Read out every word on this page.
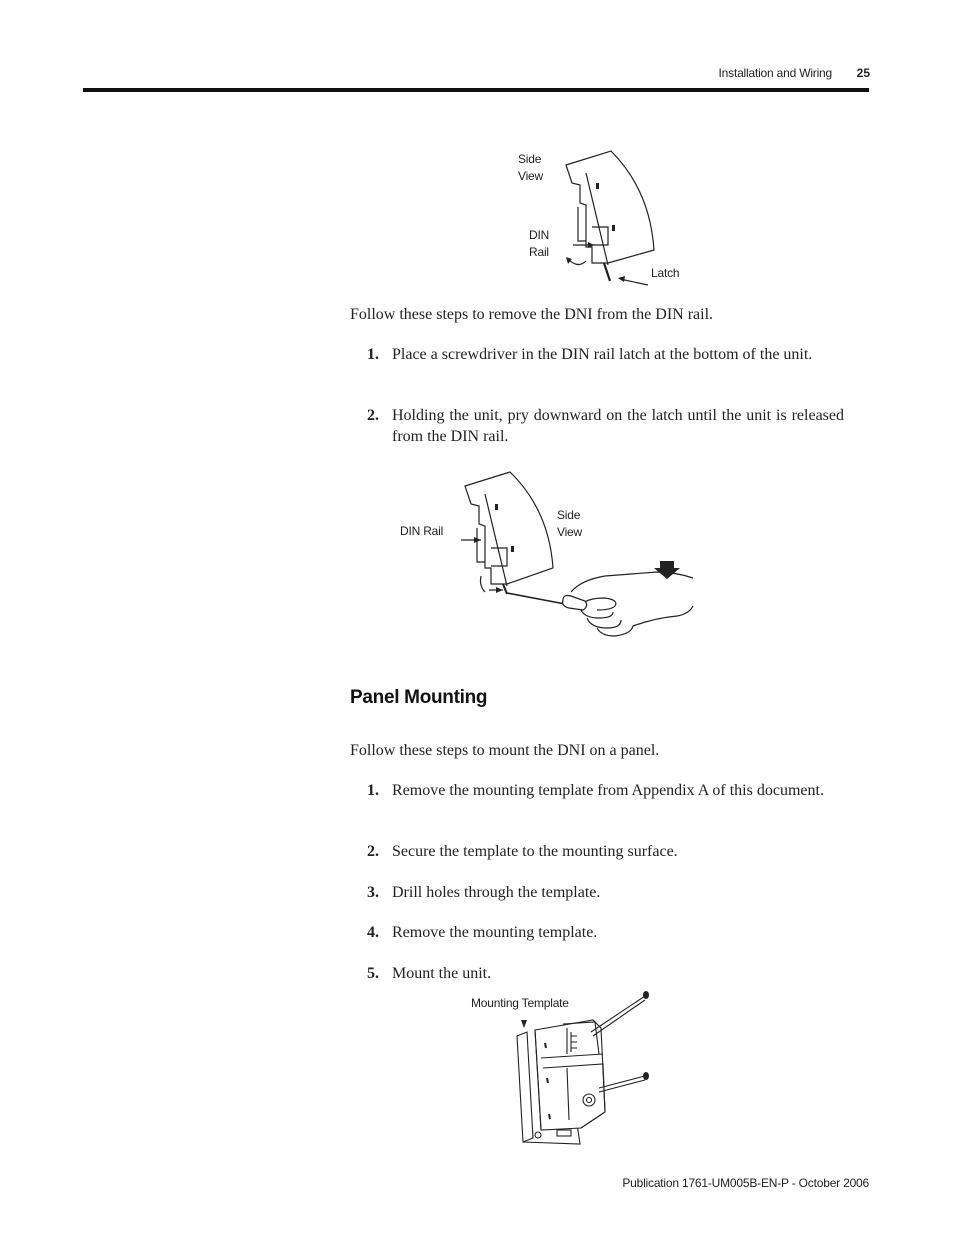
Installation and Wiring	25
Side
View
DIN
Rail
Latch
Follow these steps to remove the DNI from the DIN rail.
1. Place a screwdriver in the DIN rail latch at the bottom of the unit.
2. Holding the unit, pry downward on the latch until the unit is released from the DIN rail.
DIN Rail
Side
View
Panel Mounting
Follow these steps to mount the DNI on a panel.
1. Remove the mounting template from Appendix A of this document.
2. Secure the template to the mounting surface.
3. Drill holes through the template.
4. Remove the mounting template.
5. Mount the unit.
Mounting Template
Publication 1761-UM005B-EN-P - October 2006
